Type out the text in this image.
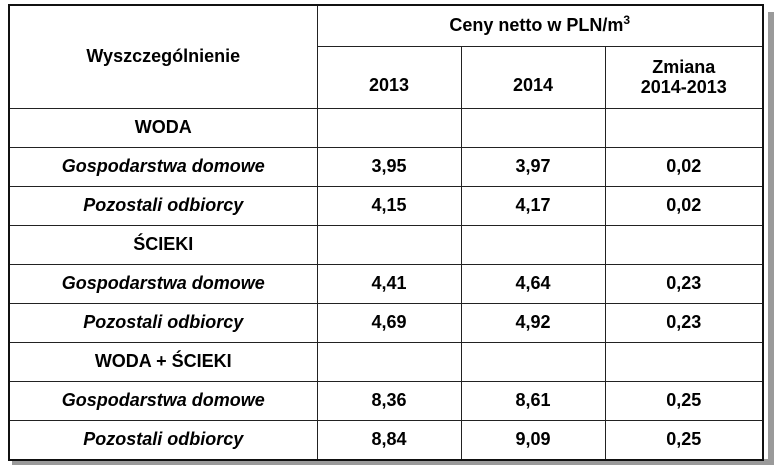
Wyszczególnienie	Ceny netto w PLN/$m^3$

	2013	2014	Zmiana
2014-2013
WODA			
Gospodarstwa domowe	3,95	3,97	0,02
Pozostali odbiorcy	4,15	4,17	0,02
ŚCIEKI			
Gospodarstwa domowe	4,41	4,64	0,23
Pozostali odbiorcy	4,69	4,92	0,23
WODA + ŚCIEKI			
Gospodarstwa domowe	8,36	8,61	0,25
Pozostali odbiorcy	8,84	9,09	0,25
